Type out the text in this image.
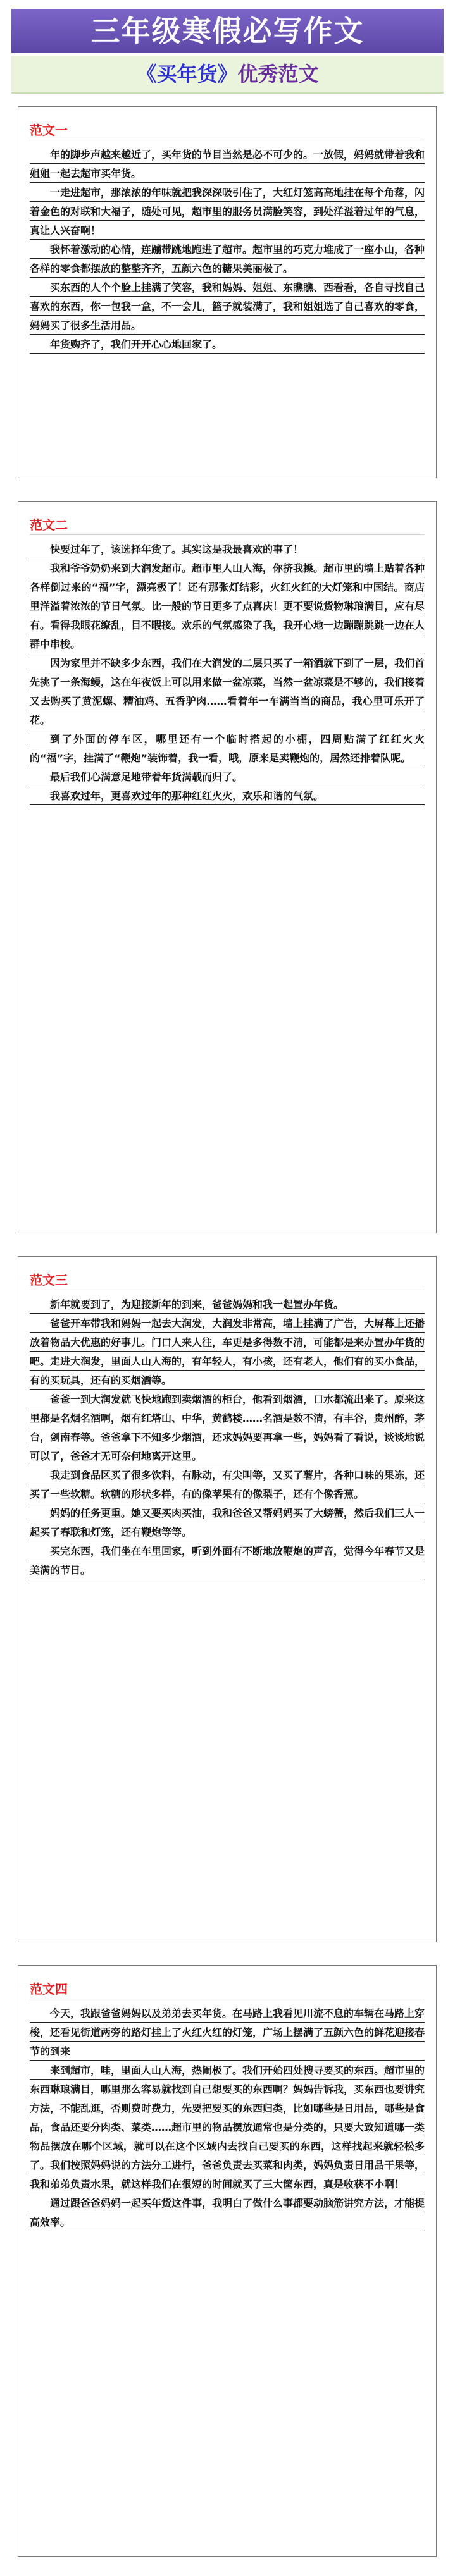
三年级寒假必写作文
《买年货》优秀范文
范文一

年的脚步声越来越近了，买年货的节目当然是必不可少的。一放假，妈妈就带着我和姐姐一起去超市买年货。

一走进超市，那浓浓的年味就把我深深吸引住了，大红灯笼高高地挂在每个角落，闪着金色的对联和大福子，随处可见，超市里的服务员满脸笑容，到处洋溢着过年的气息，真让人兴奋啊！

我怀着激动的心情，连蹦带跳地跑进了超市。超市里的巧克力堆成了一座小山，各种各样的零食都摆放的整整齐齐，五颜六色的糖果美丽极了。

买东西的人个个脸上挂满了笑容，我和妈妈、姐姐、东瞧瞧、西看看，各自寻找自己喜欢的东西，你一包我一盒，不一会儿，篮子就装满了，我和姐姐选了自己喜欢的零食，妈妈买了很多生活用品。

年货购齐了，我们开开心心地回家了。

范文二

快要过年了，该选择年货了。其实这是我最喜欢的事了！

我和爷爷奶奶来到大润发超市。超市里人山人海，你挤我搡。超市里的墙上贴着各种各样倒过来的“福”字，漂亮极了！还有那张灯结彩，火红火红的大灯笼和中国结。商店里洋溢着浓浓的节日气氛。比一般的节日更多了点喜庆！更不要说货物琳琅满目，应有尽有。看得我眼花缭乱，目不暇接。欢乐的气氛感染了我，我开心地一边蹦蹦跳跳一边在人群中串梭。

因为家里并不缺多少东西，我们在大润发的二层只买了一箱酒就下到了一层，我们首先挑了一条海鳗，这在年夜饭上可以用来做一盆凉菜，当然一盆凉菜是不够的，我们接着又去购买了黄泥螺、糟油鸡、五香驴肉……看着年一车满当当的商品，我心里可乐开了花。

到了外面的停车区，哪里还有一个临时搭起的小棚，四周贴满了红红火火的“福”字，挂满了“鞭炮”装饰着，我一看，哦，原来是卖鞭炮的，居然还排着队呢。

最后我们心满意足地带着年货满载而归了。

我喜欢过年，更喜欢过年的那种红红火火，欢乐和谐的气氛。

范文三

新年就要到了，为迎接新年的到来，爸爸妈妈和我一起置办年货。

爸爸开车带我和妈妈一起去大润发，大润发非常高，墙上挂满了广告，大屏幕上还播放着物品大优惠的好事儿。门口人来人往，车更是多得数不清，可能都是来办置办年货的吧。走进大润发，里面人山人海的，有年轻人，有小孩，还有老人，他们有的买小食品，有的买玩具，还有的买烟酒等。

爸爸一到大润发就飞快地跑到卖烟酒的柜台，他看到烟酒，口水都流出来了。原来这里都是名烟名酒啊，烟有红塔山、中华，黄鹤楼……名酒是数不清，有丰谷，贵州醉，茅台，剑南春等。爸爸拿下不知多少烟酒，还求妈妈要再拿一些，妈妈看了看说，谈谈地说可以了，爸爸才无可奈何地离开这里。

我走到食品区买了很多饮料，有脉动，有尖叫等，又买了薯片，各种口味的果冻，还买了一些软糖。软糖的形状多样，有的像苹果有的像梨子，还有个像香蕉。

妈妈的任务更重。她又要买肉买油，我和爸爸又帮妈妈买了大螃蟹，然后我们三人一起买了春联和灯笼，还有鞭炮等等。

买完东西，我们坐在车里回家，听到外面有不断地放鞭炮的声音，觉得今年春节又是美满的节日。

范文四

今天，我跟爸爸妈妈以及弟弟去买年货。在马路上我看见川流不息的车辆在马路上穿梭，还看见街道两旁的路灯挂上了火红火红的灯笼，广场上摆满了五颜六色的鲜花迎接春节的到来

来到超市，哇，里面人山人海，热闹极了。我们开始四处搜寻要买的东西。超市里的东西琳琅满目，哪里那么容易就找到自己想要买的东西啊？妈妈告诉我，买东西也要讲究方法，不能乱逛，否则费时费力，先要把要买的东西归类，比如哪些是日用品，哪些是食品，食品还要分肉类、菜类……超市里的物品摆放通常也是分类的，只要大致知道哪一类物品摆放在哪个区域，就可以在这个区域内去找自己要买的东西，这样找起来就轻松多了。我们按照妈妈说的方法分工进行，爸爸负责去买菜和肉类，妈妈负责日用品干果等，我和弟弟负责水果，就这样我们在很短的时间就买了三大筐东西，真是收获不小啊！

通过跟爸爸妈妈一起买年货这件事，我明白了做什么事都要动脑筋讲究方法，才能提高效率。
